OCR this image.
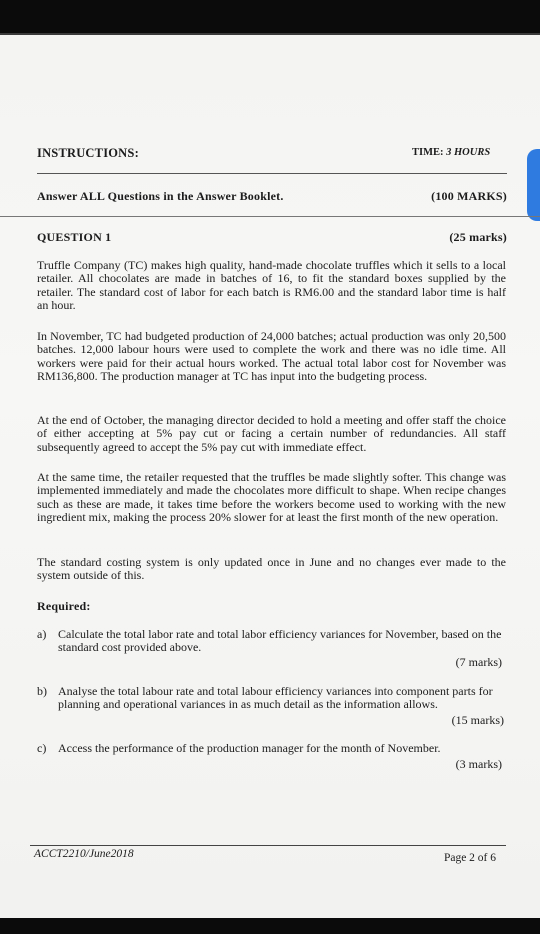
INSTRUCTIONS:	TIME: 3 HOURS
Answer ALL Questions in the Answer Booklet.	(100 MARKS)
QUESTION 1	(25 marks)
Truffle Company (TC) makes high quality, hand-made chocolate truffles which it sells to a local retailer. All chocolates are made in batches of 16, to fit the standard boxes supplied by the retailer. The standard cost of labor for each batch is RM6.00 and the standard labor time is half an hour.
In November, TC had budgeted production of 24,000 batches; actual production was only 20,500 batches. 12,000 labour hours were used to complete the work and there was no idle time. All workers were paid for their actual hours worked. The actual total labor cost for November was RM136,800. The production manager at TC has input into the budgeting process.
At the end of October, the managing director decided to hold a meeting and offer staff the choice of either accepting at 5% pay cut or facing a certain number of redundancies. All staff subsequently agreed to accept the 5% pay cut with immediate effect.
At the same time, the retailer requested that the truffles be made slightly softer. This change was implemented immediately and made the chocolates more difficult to shape. When recipe changes such as these are made, it takes time before the workers become used to working with the new ingredient mix, making the process 20% slower for at least the first month of the new operation.
The standard costing system is only updated once in June and no changes ever made to the system outside of this.
Required:
a) Calculate the total labor rate and total labor efficiency variances for November, based on the standard cost provided above.
(7 marks)
b) Analyse the total labour rate and total labour efficiency variances into component parts for planning and operational variances in as much detail as the information allows.
(15 marks)
c) Access the performance of the production manager for the month of November.
(3 marks)
ACCT2210/June2018	Page 2 of 6
